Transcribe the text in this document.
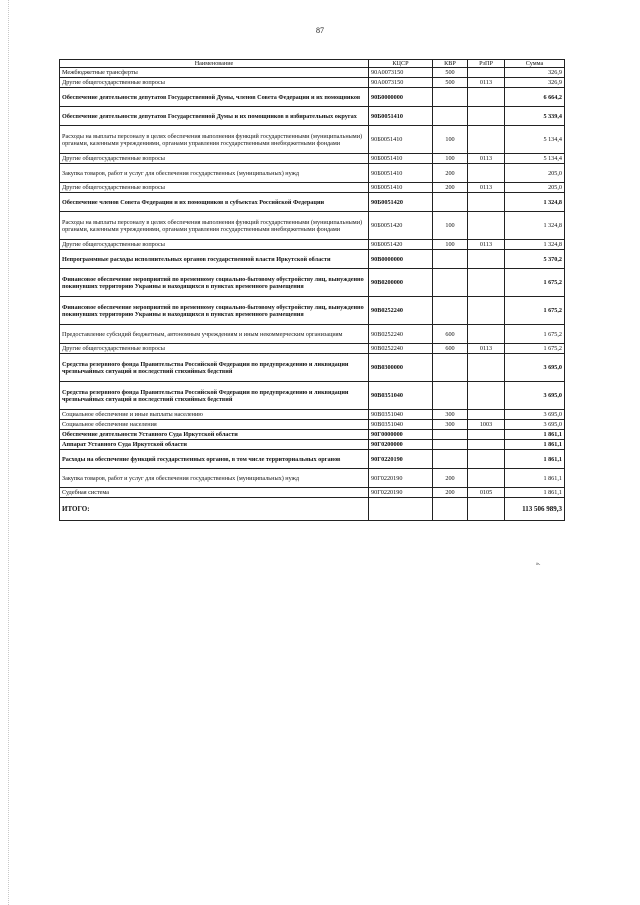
87
Наименование	КЦСР	КВР	РзПР	Сумма
Межбюджетные трансферты	90А0073150	500		326,9
Другие общегосударственные вопросы	90А0073150	500	0113	326,9
Обеспечение деятельности депутатов Государственной Думы, членов Совета Федерации и их помощников	90Б0000000			6 664,2
Обеспечение деятельности депутатов Государственной Думы и их помощников в избирательных округах	90Б0051410			5 339,4
Расходы на выплаты персоналу в целях обеспечения выполнения функций государственными (муниципальными) органами, казенными учреждениями, органами управления государственными внебюджетными фондами	90Б0051410	100		5 134,4
Другие общегосударственные вопросы	90Б0051410	100	0113	5 134,4
Закупка товаров, работ и услуг для обеспечения государственных (муниципальных) нужд	90Б0051410	200		205,0
Другие общегосударственные вопросы	90Б0051410	200	0113	205,0
Обеспечение членов Совета Федерации и их помощников в субъектах Российской Федерации	90Б0051420			1 324,8
Расходы на выплаты персоналу в целях обеспечения выполнения функций государственными (муниципальными) органами, казенными учреждениями, органами управления государственными внебюджетными фондами	90Б0051420	100		1 324,8
Другие общегосударственные вопросы	90Б0051420	100	0113	1 324,8
Непрограммные расходы исполнительных органов государственной власти Иркутской области	90В0000000			5 370,2
Финансовое обеспечение мероприятий по временному социально-бытовому обустройству лиц, вынужденно покинувших территорию Украины и находящихся в пунктах временного размещения	90В0200000			1 675,2
Финансовое обеспечение мероприятий по временному социально-бытовому обустройству лиц, вынужденно покинувших территорию Украины и находящихся в пунктах временного размещения	90В0252240			1 675,2
Предоставление субсидий бюджетным, автономным учреждениям и иным некоммерческим организациям	90В0252240	600		1 675,2
Другие общегосударственные вопросы	90В0252240	600	0113	1 675,2
Средства резервного фонда Правительства Российской Федерации по предупреждению и ликвидации чрезвычайных ситуаций и последствий стихийных бедствий	90В0300000			3 695,0
Средства резервного фонда Правительства Российской Федерации по предупреждению и ликвидации чрезвычайных ситуаций и последствий стихийных бедствий	90В0351040			3 695,0
Социальное обеспечение и иные выплаты населению	90В0351040	300		3 695,0
Социальное обеспечение населения	90В0351040	300	1003	3 695,0
Обеспечение деятельности Уставного Суда Иркутской области	90Г0000000			1 861,1
Аппарат Уставного Суда Иркутской области	90Г0200000			1 861,1
Расходы на обеспечение функций государственных органов, в том числе территориальных органов	90Г0220190			1 861,1
Закупка товаров, работ и услуг для обеспечения государственных (муниципальных) нужд	90Г0220190	200		1 861,1
Судебная система	90Г0220190	200	0105	1 861,1
ИТОГО:				113 506 989,3
».
